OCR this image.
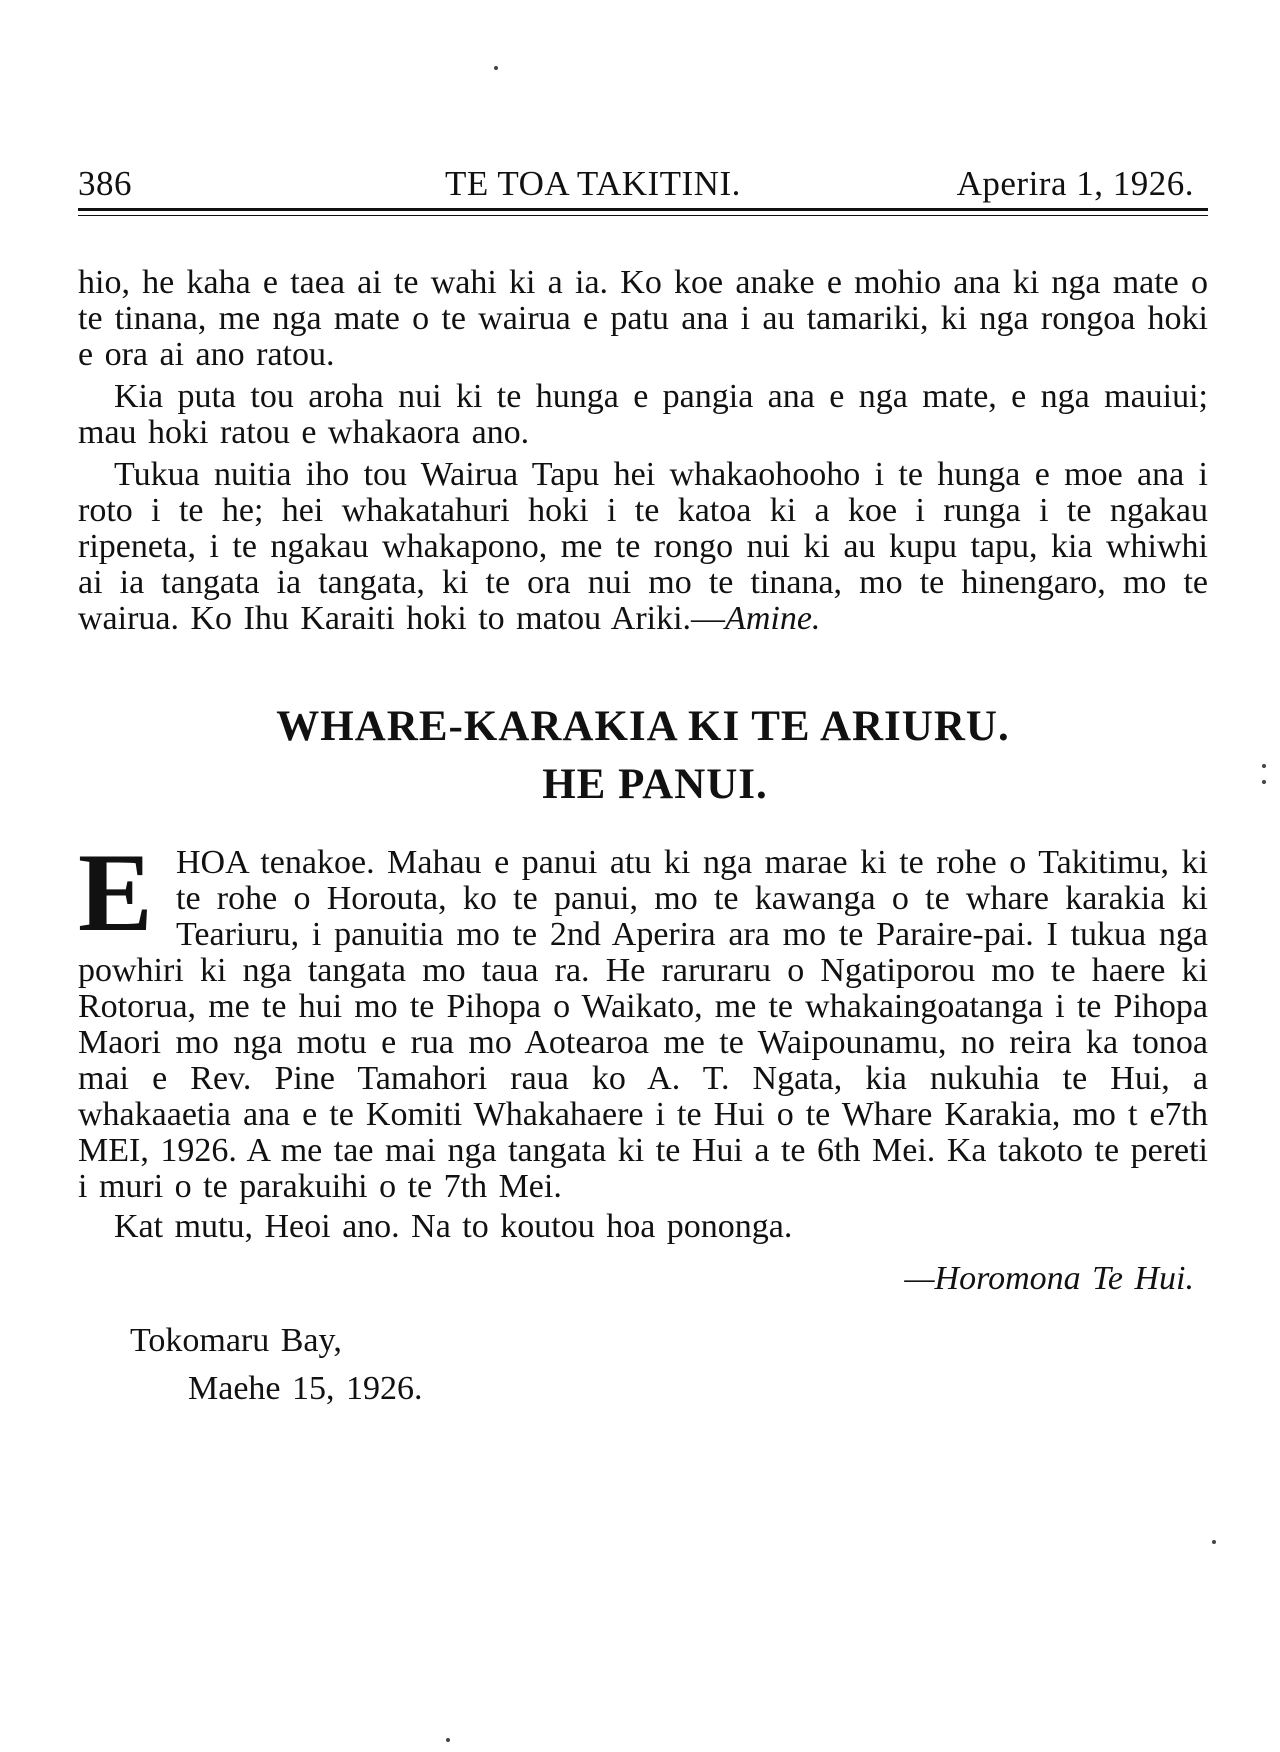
386	TE TOA TAKITINI.	Aperira 1, 1926.

hio, he kaha e taea ai te wahi ki a ia. Ko koe anake e mohio ana ki nga mate o te tinana, me nga mate o te wairua e patu ana i au tamariki, ki nga rongoa hoki e ora ai ano ratou.

Kia puta tou aroha nui ki te hunga e pangia ana e nga mate, e nga mauiui; mau hoki ratou e whakaora ano.

Tukua nuitia iho tou Wairua Tapu hei whakaohooho i te hunga e moe ana i roto i te he; hei whakatahuri hoki i te katoa ki a koe i runga i te ngakau ripeneta, i te ngakau whakapono, me te rongo nui ki au kupu tapu, kia whiwhi ai ia tangata ia tangata, ki te ora nui mo te tinana, mo te hinengaro, mo te wairua. Ko Ihu Karaiti hoki to matou Ariki.—Amine.

WHARE-KARAKIA KI TE ARIURU.
HE PANUI.
E HOA tenakoe. Mahau e panui atu ki nga marae ki te rohe o Takitimu, ki te rohe o Horouta, ko te panui, mo te kawanga o te whare karakia ki Teariuru, i panuitia mo te 2nd Aperira ara mo te Paraire-pai. I tukua nga powhiri ki nga tangata mo taua ra. He raruraru o Ngatiporou mo te haere ki Rotorua, me te hui mo te Pihopa o Waikato, me te whakaingoatanga i te Pihopa Maori mo nga motu e rua mo Aotearoa me te Waipounamu, no reira ka tonoa mai e Rev. Pine Tamahori raua ko A. T. Ngata, kia nukuhia te Hui, a whakaaetia ana e te Komiti Whakahaere i te Hui o te Whare Karakia, mo t e7th MEI, 1926. A me tae mai nga tangata ki te Hui a te 6th Mei. Ka takoto te pereti i muri o te parakuihi o te 7th Mei.

Kat mutu, Heoi ano. Na to koutou hoa pononga.

—Horomona Te Hui.
Tokomaru Bay,
Maehe 15, 1926.
